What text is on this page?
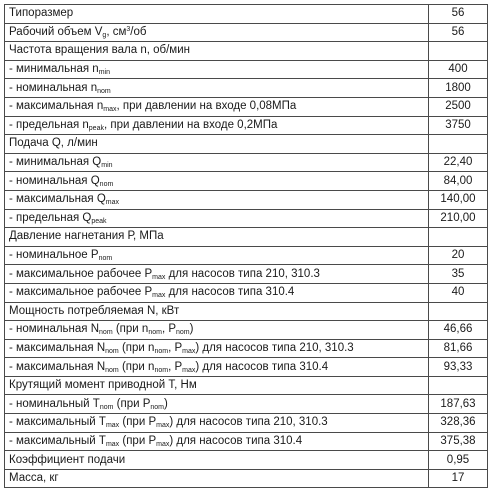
Типоразмер	56
Рабочий объем $V_g$, $см^3/об$	56
Частота вращения вала n, об/мин	
- минимальная $n_{min}$	400
- номинальная $n_{nom}$	1800
- максимальная $n_{max}$, при давлении на входе 0,08МПа	2500
- предельная $n_{peak}$, при давлении на входе 0,2МПа	3750
Подача Q, л/мин	
- минимальная $Q_{min}$	22,40
- номинальная $Q_{nom}$	84,00
- максимальная $Q_{max}$	140,00
- предельная $Q_{peak}$	210,00
Давление нагнетания Р, МПа	
- номинальное $Р_{nom}$	20
- максимальное рабочее $Р_{max}$ для насосов типа 210, 310.3	35
- максимальное рабочее $Р_{max}$ для насосов типа 310.4	40
Мощность потребляемая N, кВт	
- номинальная $N_{nom}$ (при $n_{nom}$, $Р_{nom}$)	46,66
- максимальная $N_{nom}$ (при $n_{nom}$, $Р_{max}$) для насосов типа 210, 310.3	81,66
- максимальная $N_{nom}$ (при $n_{nom}$, $Р_{max}$) для насосов типа 310.4	93,33
Крутящий момент приводной Т, Нм	
- номинальный $Т_{nom}$ (при $Р_{nom}$)	187,63
- максимальный $Т_{max}$ (при $Р_{max}$) для насосов типа 210, 310.3	328,36
- максимальный $Т_{max}$ (при $Р_{max}$) для насосов типа 310.4	375,38
Коэффициент подачи	0,95
Масса, кг	17
